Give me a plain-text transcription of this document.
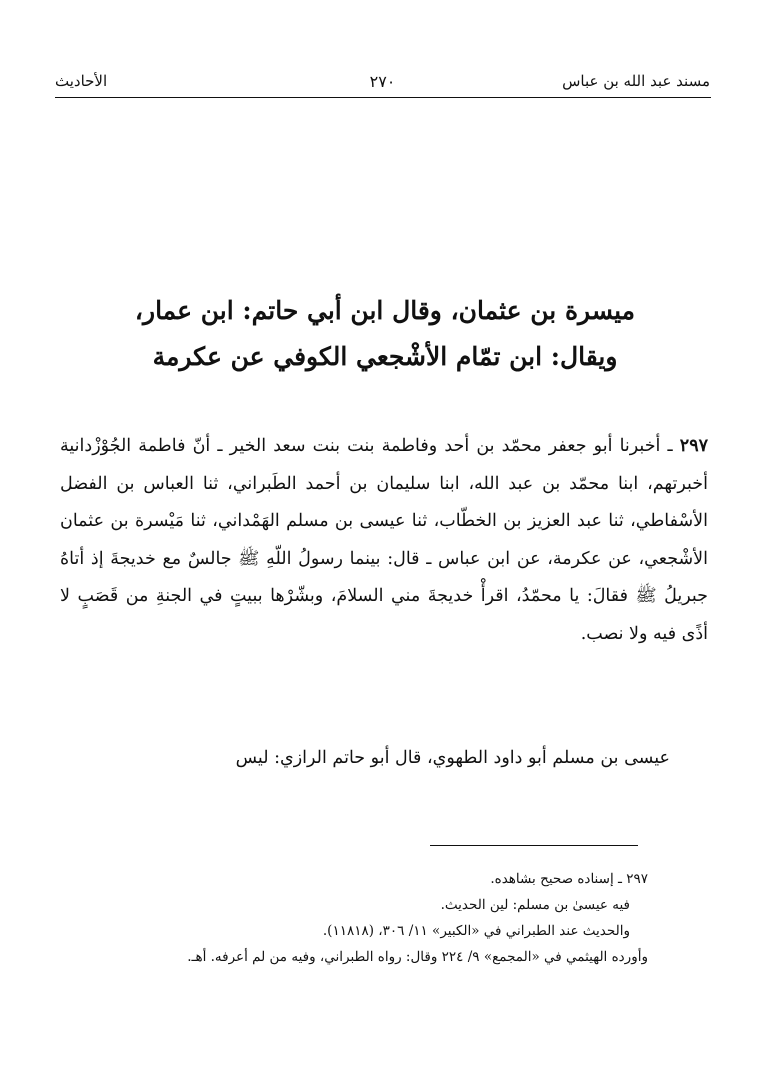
مسند عبد الله بن عباس
٢٧٠
الأحاديث
ميسرة بن عثمان، وقال ابن أبي حاتم: ابن عمار،
ويقال: ابن تمّام الأشْجعي الكوفي عن عكرمة
٢٩٧ ـ أخبرنا أبو جعفر محمّد بن أحد وفاطمة بنت بنت سعد الخير ـ أنّ فاطمة الجُوْزْدانية أخبرتهم، ابنا محمّد بن عبد الله، ابنا سليمان بن أحمد الطَبراني، ثنا العباس بن الفضل الأسْفاطي، ثنا عبد العزيز بن الخطّاب، ثنا عيسى بن مسلم الهَمْداني، ثنا مَيْسرة بن عثمان الأشْجعي، عن عكرمة، عن ابن عباس ـ قال: بينما رسولُ اللّهِ ﷺ جالسٌ مع خديجةَ إذ أتاهُ جبريلُ ﷺ فقالَ: يا محمّدُ، اقرأْ خديجةَ مني السلامَ، وبشّرْها ببيتٍ في الجنةِ من قَصَبٍ لا أذًى فيه ولا نصب.
عيسى بن مسلم أبو داود الطهوي، قال أبو حاتم الرازي: ليس

٢٩٧ ـ إسناده صحيح بشاهده.

فيه عيسىٰ بن مسلم: لين الحديث.

والحديث عند الطبراني في «الكبير» ١١/ ٣٠٦، (١١٨١٨).

وأورده الهيثمي في «المجمع» ٩/ ٢٢٤ وقال: رواه الطبراني، وفيه من لم أعرفه. أهـ.
